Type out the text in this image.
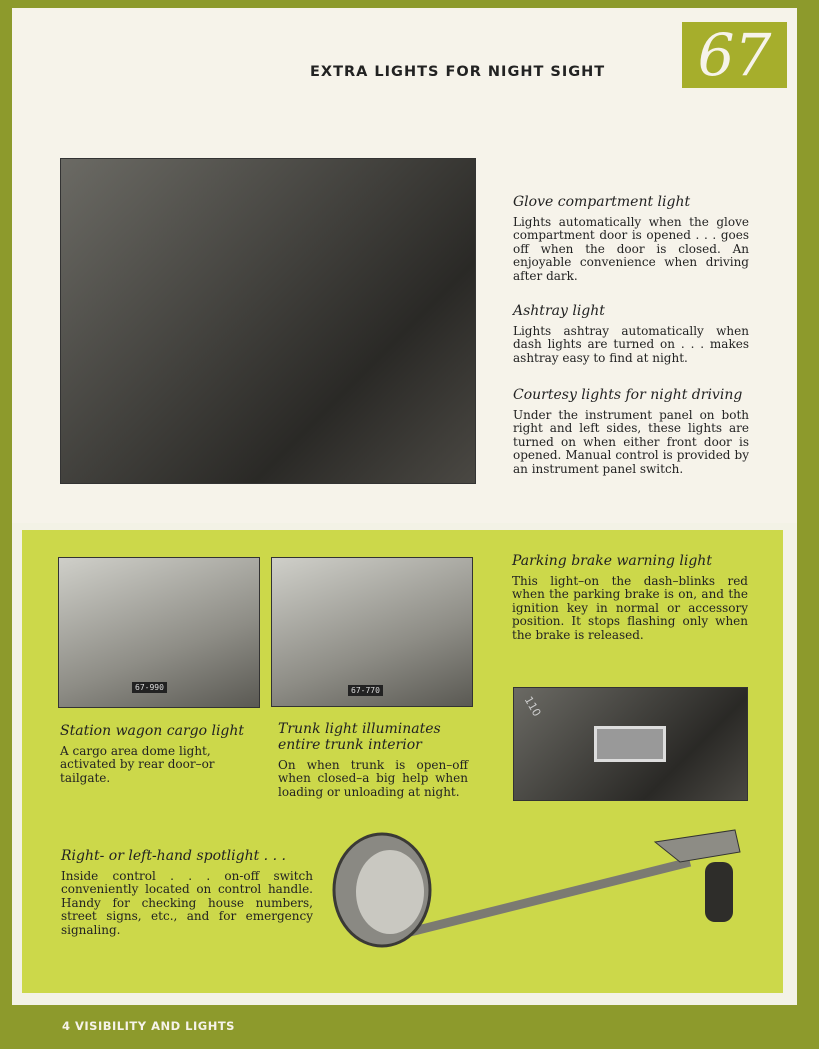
67
EXTRA LIGHTS FOR NIGHT SIGHT
Glove compartment light

Lights automatically when the glove compartment door is opened . . . goes off when the door is closed. An enjoyable convenience when driving after dark.

Ashtray light

Lights ashtray automatically when dash lights are turned on . . . makes ashtray easy to find at night.

Courtesy lights for night driving

Under the instrument panel on both right and left sides, these lights are turned on when either front door is opened. Manual control is provided by an instrument panel switch.

67-990	67-770
Station wagon cargo light

A cargo area dome light, activated by rear door–or tailgate.

Trunk light illuminates entire trunk interior

On when trunk is open–off when closed–a big help when loading or unloading at night.

Parking brake warning light

This light–on the dash–blinks red when the parking brake is on, and the ignition key in normal or accessory position. It stops flashing only when the brake is released.

110
Right- or left-hand spotlight . . .

Inside control . . . on-off switch conveniently located on control handle. Handy for checking house numbers, street signs, etc., and for emergency signaling.

4 VISIBILITY AND LIGHTS
